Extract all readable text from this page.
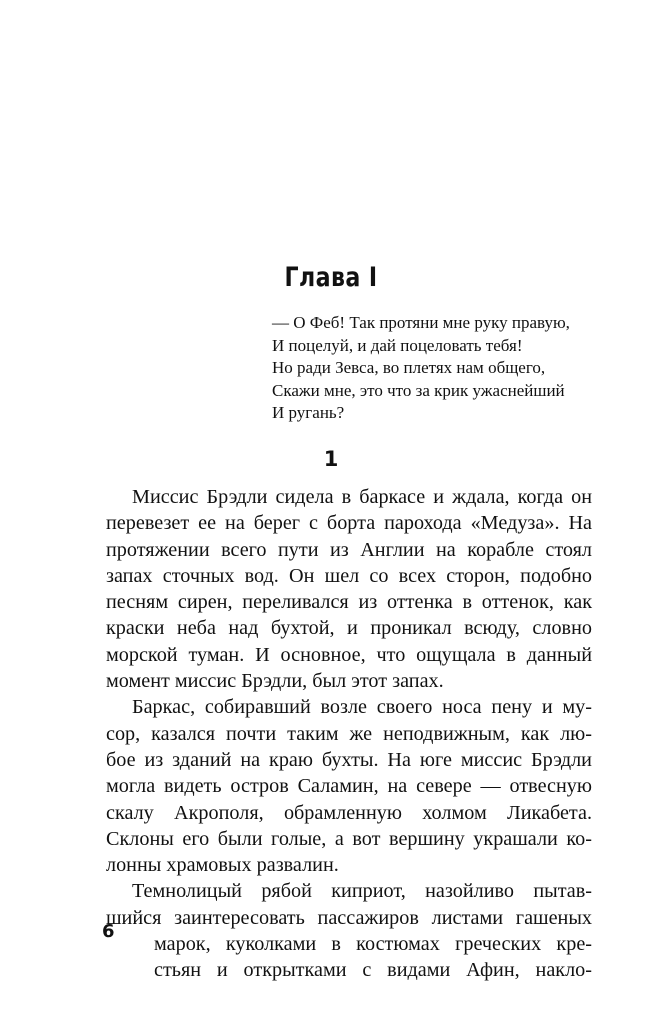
Глава I
— О Феб! Так протяни мне руку правую,
И поцелуй, и дай поцеловать тебя!
Но ради Зевса, во плетях нам общего,
Скажи мне, это что за крик ужаснейший
И ругань?
1
Миссис Брэдли сидела в баркасе и ждала, когда он
перевезет ее на берег с борта парохода «Медуза». На
протяжении всего пути из Англии на корабле стоял
запах сточных вод. Он шел со всех сторон, подобно
песням сирен, переливался из оттенка в оттенок, как
краски неба над бухтой, и проникал всюду, словно
морской туман. И основное, что ощущала в данный
момент миссис Брэдли, был этот запах.
Баркас, собиравший возле своего носа пену и му-
сор, казался почти таким же неподвижным, как лю-
бое из зданий на краю бухты. На юге миссис Брэдли
могла видеть остров Саламин, на севере — отвесную
скалу Акрополя, обрамленную холмом Ликабета.
Склоны его были голые, а вот вершину украшали ко-
лонны храмовых развалин.
Темнолицый рябой киприот, назойливо пытав-
шийся заинтересовать пассажиров листами гашеных
марок, куколками в костюмах греческих кре-
стьян и открытками с видами Афин, накло-
6
